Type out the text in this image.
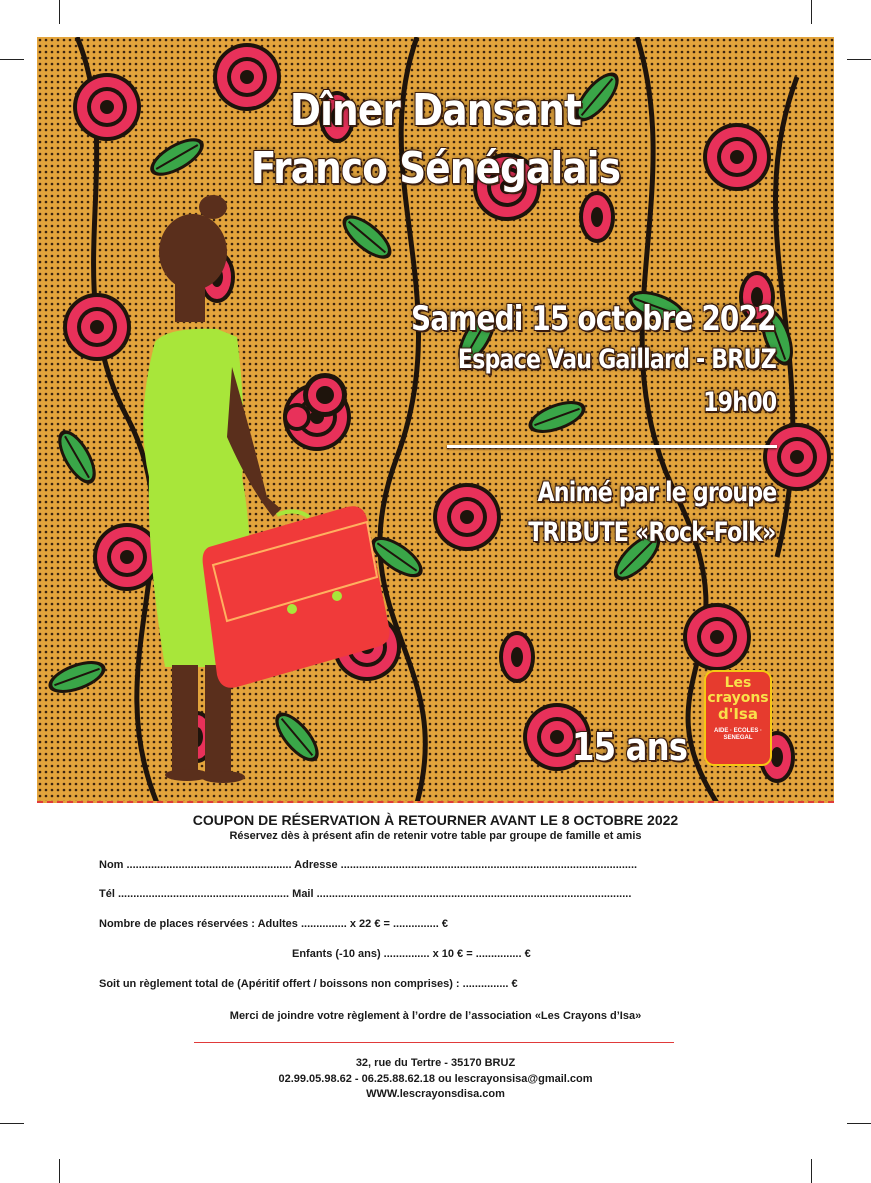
Dîner Dansant
Franco Sénégalais
Samedi 15 octobre 2022
Espace Vau Gaillard - BRUZ
19h00
Animé par le groupe
TRIBUTE «Rock-Folk»
15 ans
Les
crayons
d'Isa
AIDE · ECOLES · SENEGAL
COUPON DE RÉSERVATION À RETOURNER AVANT LE 8 OCTOBRE 2022
Réservez dès à présent afin de retenir votre table par groupe de famille et amis
Nom ...................................................... Adresse .................................................................................................
Tél ........................................................ Mail .......................................................................................................
Nombre de places réservées : Adultes ............... x 22 € = ............... €
Enfants (-10 ans) ............... x 10 € = ............... €
Soit un règlement total de (Apéritif offert / boissons non comprises) : ............... €
Merci de joindre votre règlement à l’ordre de l’association «Les Crayons d’Isa»
32, rue du Tertre - 35170 BRUZ
02.99.05.98.62 - 06.25.88.62.18 ou lescrayonsisa@gmail.com
WWW.lescrayonsdisa.com
